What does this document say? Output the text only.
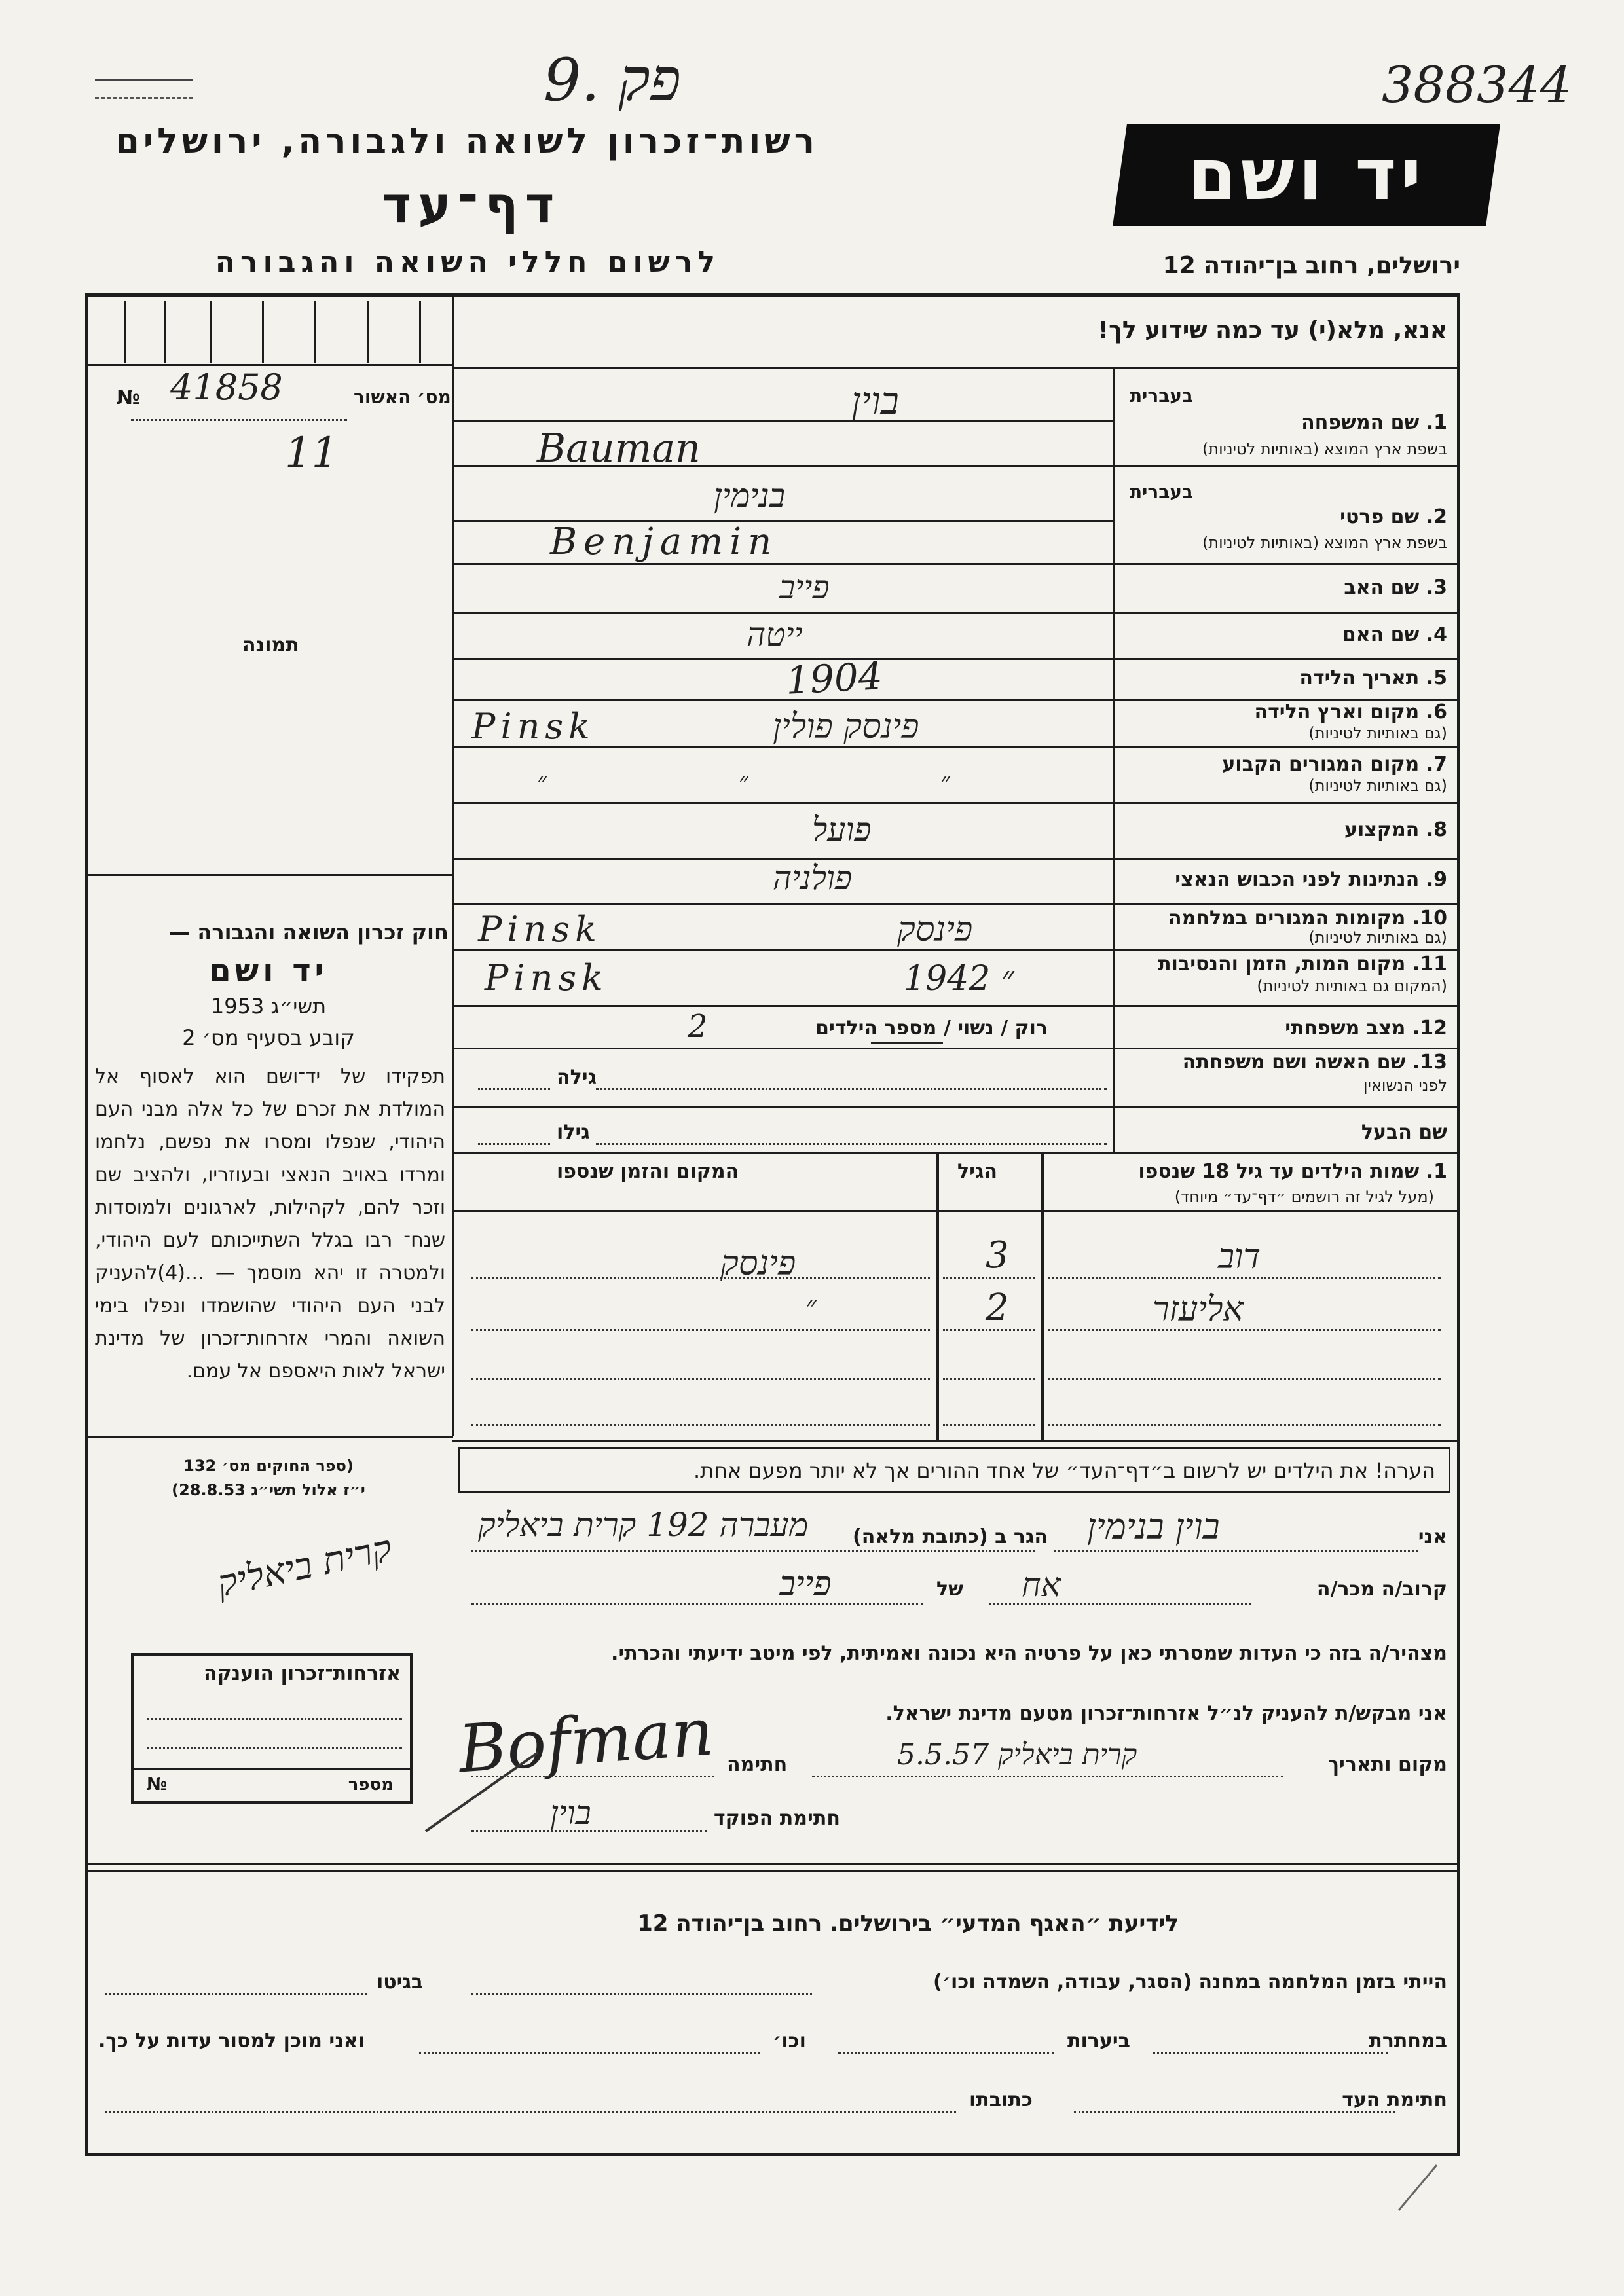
9. פק	388344
רשות־זכרון לשואה ולגבורה, ירושלים
דף־עד
לרשום חללי השואה והגבורה
יד ושם
ירושלים, רחוב בן־יהודה 12
אנא, מלא(י) עד כמה שידוע לך!
מס׳ האשור
№ 41858
11
תמונה
חוק זכרון השואה והגבורה —
יד ושם
תשי״ג 1953
קובע בסעיף מס׳ 2
תפקידו של יד־ושם הוא לאסוף אל המולדת את זכרם של כל אלה מבני העם היהודי, שנפלו ומסרו את נפשם, נלחמו ומרדו באויב הנאצי ובעוזריו, ולהציב שם וזכר להם, לקהילות, לארגונים ולמוסדות שנח־ רבו בגלל השתייכותם לעם היהודי, ולמטרה זו יהא מוסמך — ...(4)להעניק לבני העם היהודי שהושמדו ונפלו בימי השואה והמרי אזרחות־זכרון של מדינת ישראל לאות היאספם אל עמם.
(ספר החוקים מס׳ 132
י״ז אלול תשי״ג 28.8.53)
אזרחות־זכרון הוענקה
מספר
№
בעברית
1. שם המשפחה
בשפת ארץ המוצא (באותיות לטיניות)
בוין
Bauman
בעברית
2. שם פרטי
בשפת ארץ המוצא (באותיות לטיניות)
בנימין
Benjamin
3. שם האב
פייב
4. שם האם
ייטה
5. תאריך הלידה
1904
6. מקום וארץ הלידה
(גם באותיות לטיניות)
פינסק פולין
Pinsk
7. מקום המגורים הקבוע
(גם באותיות לטיניות)
״ ״ ״
8. המקצוע
פועל
9. הנתינות לפני הכבוש הנאצי
פולניה
10. מקומות המגורים במלחמה
(גם באותיות לטיניות)
פינסק
Pinsk
11. מקום המות, הזמן והנסיבות
(המקום גם באותיות לטיניות)
״ 1942
Pinsk
12. מצב משפחתי
רוק / נשוי / מספר הילדים
2
13. שם האשה ושם משפחתה
לפני הנשואין
גילה
שם הבעל
גילו
1. שמות הילדים עד גיל 18 שנספו
(מעל לגיל זה רושמים ״דף־עד״ מיוחד)
הגיל
המקום והזמן שנספו
דוב
3
פינסק
אליעזר
2
״
הערה! את הילדים יש לרשום ב״דף־העד״ של אחד ההורים אך לא יותר מפעם אחת.
אני
בוין בנימין
הגר ב (כתובת מלאה)
מעברה 192 קרית ביאליק
קרית ביאליק	קרוב/ה מכר/ה
אח
של
פייב
מצהיר/ה בזה כי העדות שמסרתי כאן על פרטיה היא נכונה ואמיתית, לפי מיטב ידיעתי והכרתי.
אני מבקש/ת להעניק לנ״ל אזרחות־זכרון מטעם מדינת ישראל.
מקום ותאריך
קרית ביאליק 5.5.57
חתימה
Bofman
חתימת הפוקד
בוין
לידיעת ״האגף המדעי״ בירושלים. רחוב בן־יהודה 12
הייתי בזמן המלחמה במחנה (הסגר, עבודה, השמדה וכו׳)
בגיטו
במחתרת
ביערות
וכו׳
ואני מוכן למסור עדות על כך.
חתימת העד
כתובתו
